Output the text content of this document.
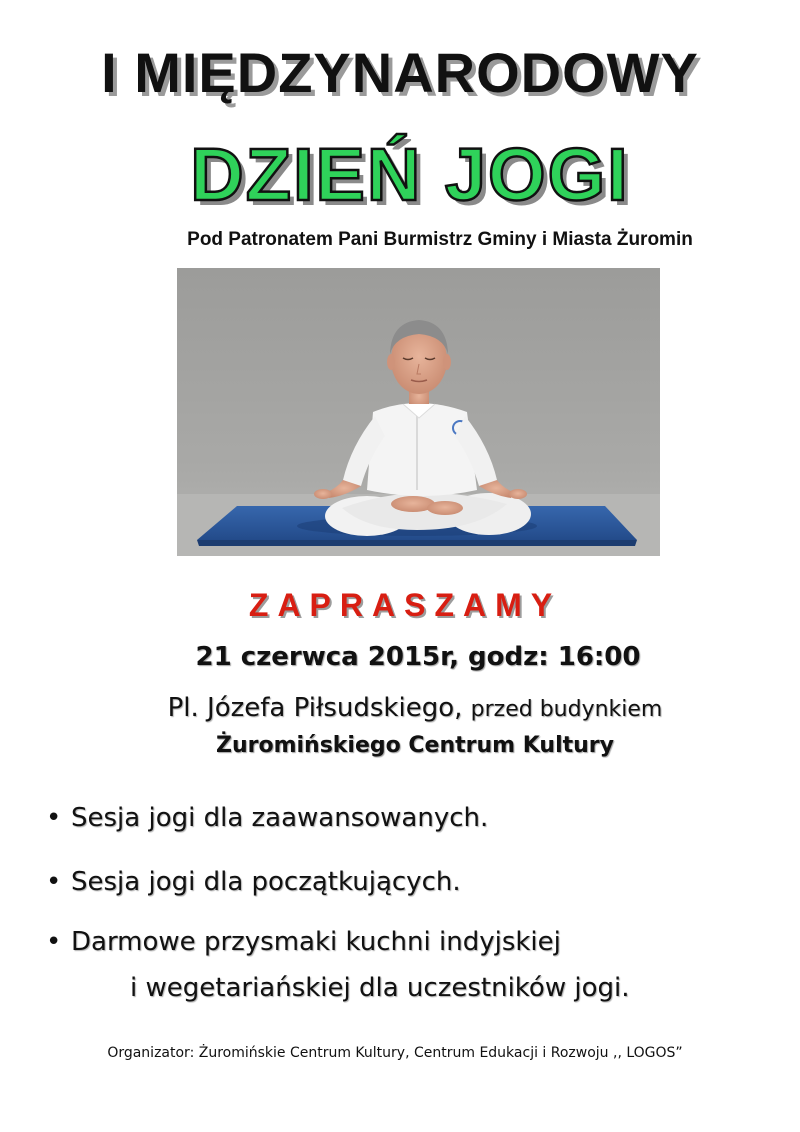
I MIĘDZYNARODOWY
DZIEŃ JOGI
Pod Patronatem Pani Burmistrz Gminy i Miasta Żuromin
ZAPRASZAMY
21 czerwca 2015r, godz: 16:00
Pl. Józefa Piłsudskiego, przed budynkiem
Żuromińskiego Centrum Kultury
• Sesja jogi dla zaawansowanych.
• Sesja jogi dla początkujących.
• Darmowe przysmaki kuchni indyjskiej
i wegetariańskiej dla uczestników jogi.
Organizator: Żuromińskie Centrum Kultury, Centrum Edukacji i Rozwoju ,, LOGOS”
